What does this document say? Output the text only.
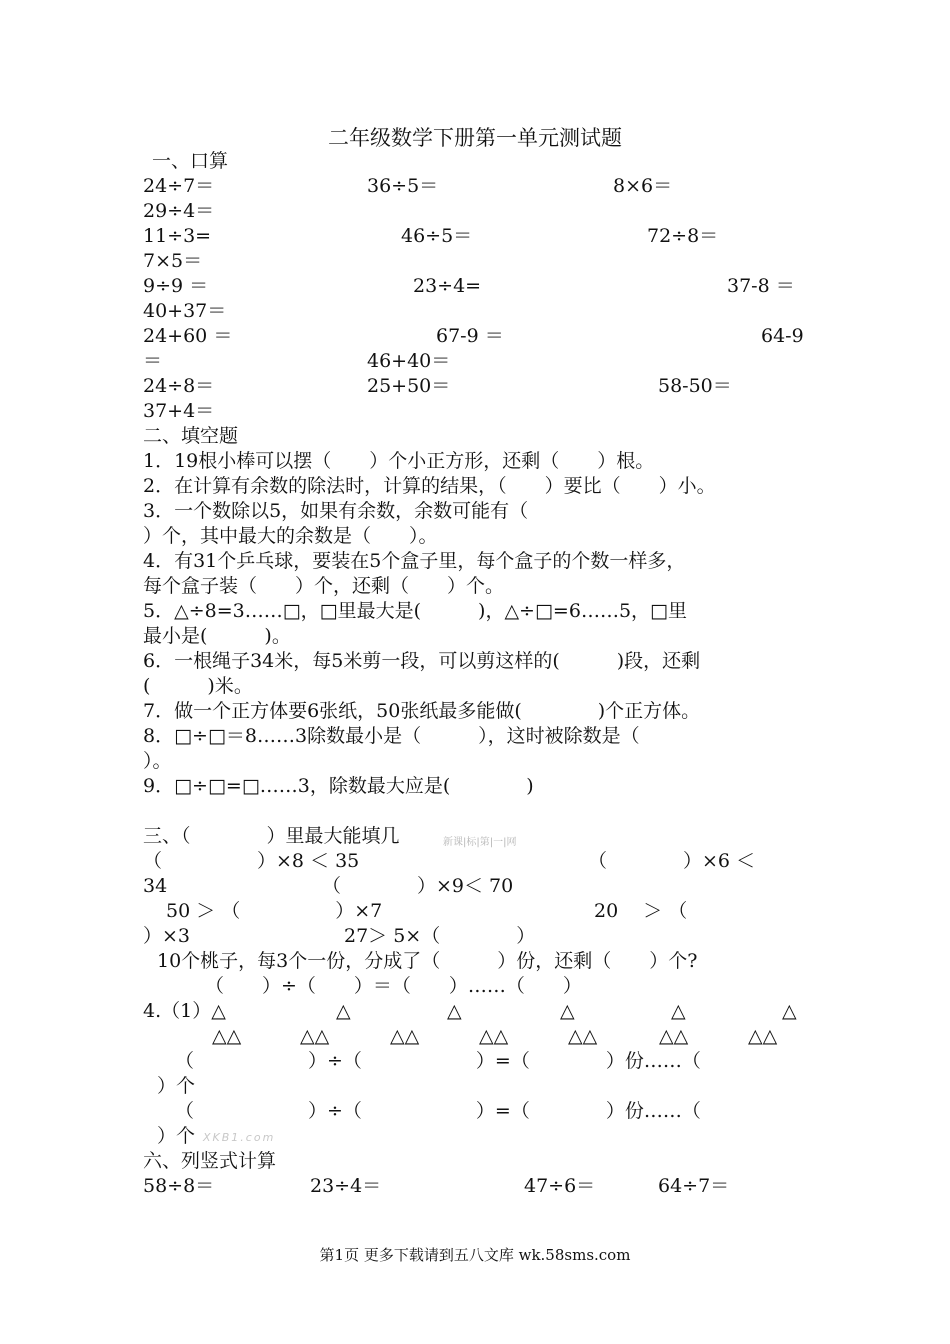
二年级数学下册第一单元测试题
一、口算
24÷7＝	36÷5＝	8×6＝
29÷4＝
11÷3=	46÷5＝	72÷8＝
7×5＝
9÷9 ＝	23÷4=	37-8 ＝
40+37＝
24+60 ＝	67-9 ＝	64-9
＝	46+40＝
24÷8＝	25+50＝	58-50＝
37+4＝
二、填空题
1．19根小棒可以摆（　　）个小正方形，还剩（　　）根。
2．在计算有余数的除法时，计算的结果，（　　）要比（　　）小。
3．一个数除以5，如果有余数，余数可能有（
）个，其中最大的余数是（　　）。
4．有31个乒乓球，要装在5个盒子里，每个盒子的个数一样多，
每个盒子装（　　）个，还剩（　　）个。
5．△÷8=3……□，□里最大是(　　　)，△÷□=6……5，□里
最小是(　　　)。
6．一根绳子34米，每5米剪一段，可以剪这样的(　　　)段，还剩
(　　　)米。
7．做一个正方体要6张纸，50张纸最多能做(　　　　)个正方体。
8．□÷□＝8……3除数最小是（　　　），这时被除数是（
）。
9．□÷□=□……3，除数最大应是(　　　　)
三、（　　　　）里最大能填几	新课|标|第|一|网
（　　　　　）×8 ＜ 35	（　　　　）×6 ＜
34	（　　　　）×9＜ 70
50 ＞ （　　　　　）×7	20 　＞ （
）×3	27＞ 5×（　　　　）
10个桃子，每3个一份，分成了（　　　）份，还剩（　　）个?
（　　）÷（　　）＝（　　）……（　　）
4.（1）△	△	△	△	△	△
△△	△△	△△	△△	△△	△△	△△
（　　　　　　）÷（　　　　　　）=（　　　　）份……（
）个
（　　　　　　）÷（　　　　　　）=（　　　　）份……（
）个 XKB1.com
六、列竖式计算
58÷8＝	23÷4＝	47÷6＝	64÷7＝
第1页 更多下载请到五八文库 wk.58sms.com
